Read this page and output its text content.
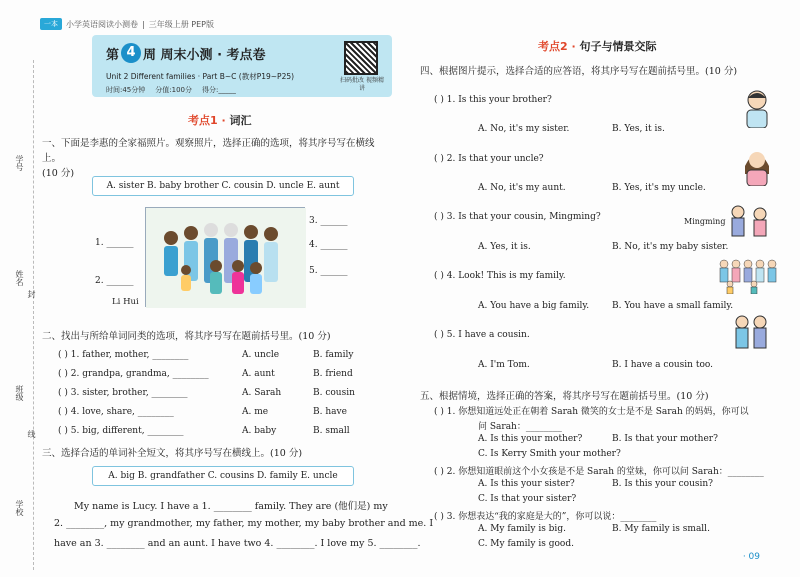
一本	小学英语阅读小测卷 | 三年级上册 PEP版
第 4 周 周末小测 · 考点卷
Unit 2 Different families · Part B~C (教材P19~P25)
时间:45分钟 分值:100分 得分:_____
扫码批改 视频精讲
学号
姓名
封
班级
线
学校
考点1 · 词汇
一、下面是李惠的全家福照片。观察照片，选择正确的选项，将其序号写在横线上。
(10 分)
A. sister B. baby brother C. cousin D. uncle E. aunt
1. ______
2. ______
3. ______
4. ______
5. ______
Li Hui
二、找出与所给单词同类的选项，将其序号写在题前括号里。(10 分)
( ) 1. father, mother, ________	A. uncle	B. family
( ) 2. grandpa, grandma, ________	A. aunt	B. friend
( ) 3. sister, brother, ________	A. Sarah	B. cousin
( ) 4. love, share, ________	A. me	B. have
( ) 5. big, different, ________	A. baby	B. small
三、选择合适的单词补全短文，将其序号写在横线上。(10 分)
A. big B. grandfather C. cousins D. family E. uncle
My name is Lucy. I have a 1. ________ family. They are (他们是) my
2. ________, my grandmother, my father, my mother, my baby brother and me. I
have an 3. ________ and an aunt. I have two 4. ________. I love my 5. ________.
考点2 · 句子与情景交际
四、根据图片提示，选择合适的应答语，将其序号写在题前括号里。(10 分)
( ) 1. Is this your brother?
A. No, it's my sister.	B. Yes, it is.
( ) 2. Is that your uncle?
A. No, it's my aunt.	B. Yes, it's my uncle.
( ) 3. Is that your cousin, Mingming?
A. Yes, it is.	B. No, it's my baby sister.
( ) 4. Look! This is my family.
A. You have a big family.	B. You have a small family.
( ) 5. I have a cousin.
A. I'm Tom.	B. I have a cousin too.
Mingming
五、根据情境，选择正确的答案，将其序号写在题前括号里。(10 分)
( ) 1. 你想知道远处正在朝着 Sarah 微笑的女士是不是 Sarah 的妈妈，你可以
问 Sarah：________
A. Is this your mother?	B. Is that your mother?
C. Is Kerry Smith your mother?
( ) 2. 你想知道眼前这个小女孩是不是 Sarah 的堂妹，你可以问 Sarah：________
A. Is this your sister?	B. Is this your cousin?
C. Is that your sister?
( ) 3. 你想表达“我的家庭是大的”，你可以说：________
A. My family is big.	B. My family is small.
C. My family is good.
· 09
